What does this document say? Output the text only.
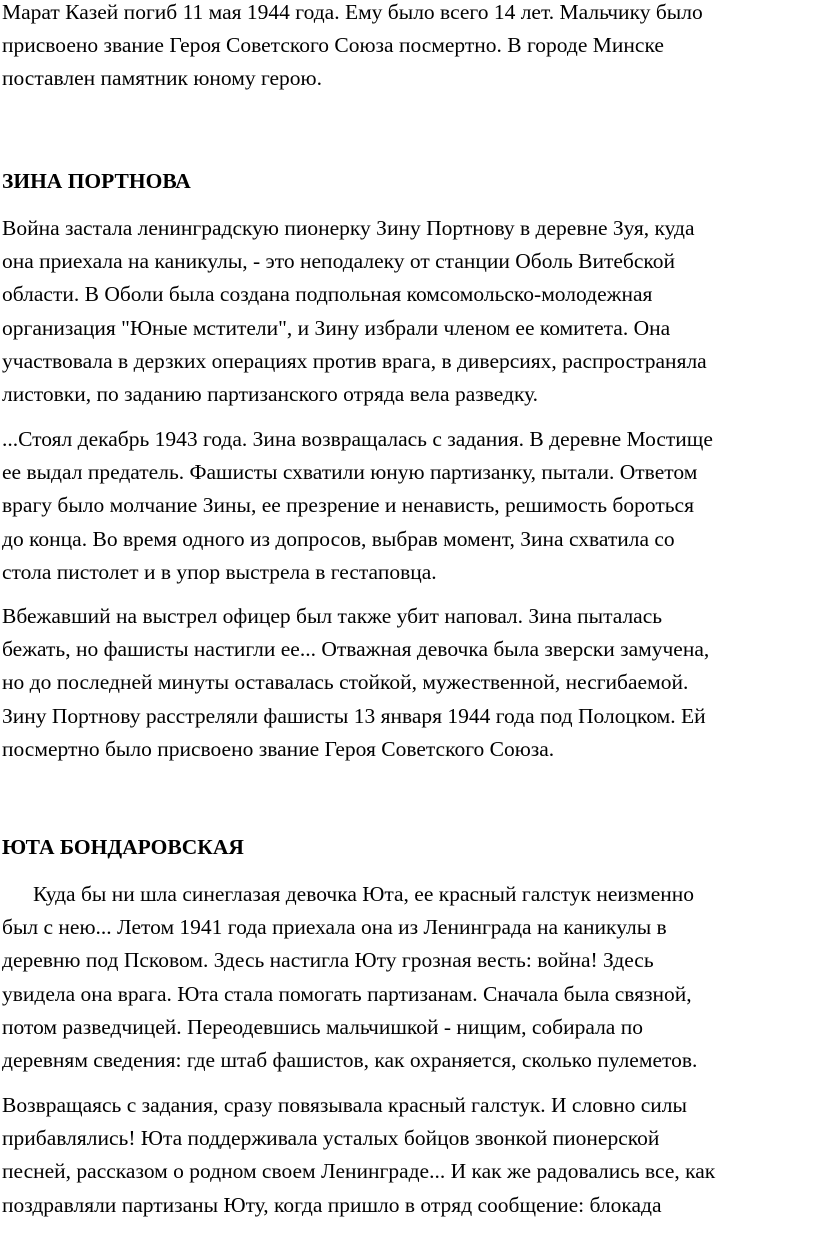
Марат Казей погиб 11 мая 1944 года. Ему было всего 14 лет. Мальчику было
присвоено звание Героя Советского Союза посмертно. В городе Минске
поставлен памятник юному герою.

ЗИНА ПОРТНОВА

Война застала ленинградскую пионерку Зину Портнову в деревне Зуя, куда
она приехала на каникулы, - это неподалеку от станции Оболь Витебской
области. В Оболи была создана подпольная комсомольско-молодежная
организация "Юные мстители", и Зину избрали членом ее комитета. Она
участвовала в дерзких операциях против врага, в диверсиях, распространяла
листовки, по заданию партизанского отряда вела разведку.

...Стоял декабрь 1943 года. Зина возвращалась с задания. В деревне Мостище
ее выдал предатель. Фашисты схватили юную партизанку, пытали. Ответом
врагу было молчание Зины, ее презрение и ненависть, решимость бороться
до конца. Во время одного из допросов, выбрав момент, Зина схватила со
стола пистолет и в упор выстрела в гестаповца.

Вбежавший на выстрел офицер был также убит наповал. Зина пыталась
бежать, но фашисты настигли ее... Отважная девочка была зверски замучена,
но до последней минуты оставалась стойкой, мужественной, несгибаемой.
Зину Портнову расстреляли фашисты 13 января 1944 года под Полоцком. Ей
посмертно было присвоено звание Героя Советского Союза.

ЮТА БОНДАРОВСКАЯ

Куда бы ни шла синеглазая девочка Юта, ее красный галстук неизменно
был с нею... Летом 1941 года приехала она из Ленинграда на каникулы в
деревню под Псковом. Здесь настигла Юту грозная весть: война! Здесь
увидела она врага. Юта стала помогать партизанам. Сначала была связной,
потом разведчицей. Переодевшись мальчишкой - нищим, собирала по
деревням сведения: где штаб фашистов, как охраняется, сколько пулеметов.

Возвращаясь с задания, сразу повязывала красный галстук. И словно силы
прибавлялись! Юта поддерживала усталых бойцов звонкой пионерской
песней, рассказом о родном своем Ленинграде... И как же радовались все, как
поздравляли партизаны Юту, когда пришло в отряд сообщение: блокада
